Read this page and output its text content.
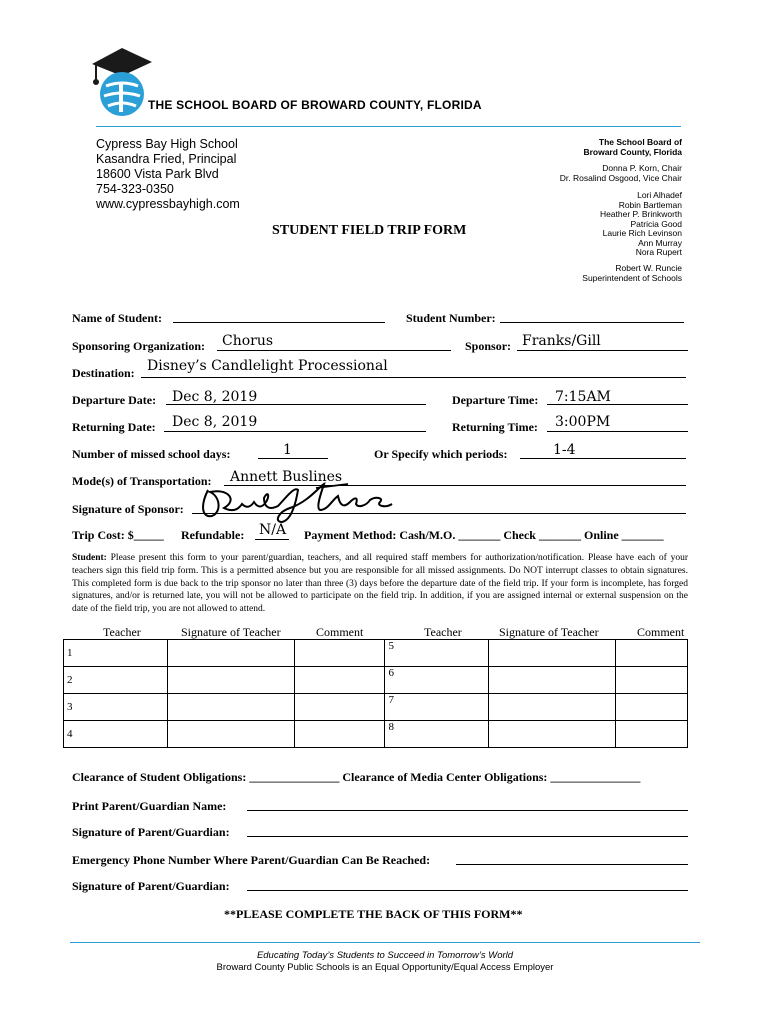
THE SCHOOL BOARD OF BROWARD COUNTY, FLORIDA
Cypress Bay High School
Kasandra Fried, Principal
18600 Vista Park Blvd
754-323-0350
www.cypressbayhigh.com
The School Board of
Broward County, Florida
Donna P. Korn, Chair
Dr. Rosalind Osgood, Vice Chair
Lori Alhadef
Robin Bartleman
Heather P. Brinkworth
Patricia Good
Laurie Rich Levinson
Ann Murray
Nora Rupert
Robert W. Runcie
Superintendent of Schools
STUDENT FIELD TRIP FORM
Name of Student:	Student Number:
Sponsoring Organization: Chorus	Sponsor: Franks/Gill
Destination: Disney’s Candlelight Processional
Departure Date: Dec 8, 2019	Departure Time: 7:15AM
Returning Date: Dec 8, 2019	Returning Time: 3:00PM
Number of missed school days:	1	Or Specify which periods:	1-4
Mode(s) of Transportation: Annett Buslines
Signature of Sponsor:
Trip Cost: $_____ Refundable: N/A Payment Method: Cash/M.O. _______ Check _______ Online _______
Student: Please present this form to your parent/guardian, teachers, and all required staff members for authorization/notification. Please have each of your teachers sign this field trip form. This is a permitted absence but you are responsible for all missed assignments. Do NOT interrupt classes to obtain signatures. This completed form is due back to the trip sponsor no later than three (3) days before the departure date of the field trip. If your form is incomplete, has forged signatures, and/or is returned late, you will not be allowed to participate on the field trip. In addition, if you are assigned internal or external suspension on the date of the field trip, you are not allowed to attend.
Teacher	Signature of Teacher	Comment	Teacher	Signature of Teacher	Comment
1			5		
2			6		
3			7		
4			8		
Clearance of Student Obligations: _______________ Clearance of Media Center Obligations: _______________
Print Parent/Guardian Name:
Signature of Parent/Guardian:
Emergency Phone Number Where Parent/Guardian Can Be Reached:
Signature of Parent/Guardian:
**PLEASE COMPLETE THE BACK OF THIS FORM**
Educating Today’s Students to Succeed in Tomorrow’s World
Broward County Public Schools is an Equal Opportunity/Equal Access Employer
